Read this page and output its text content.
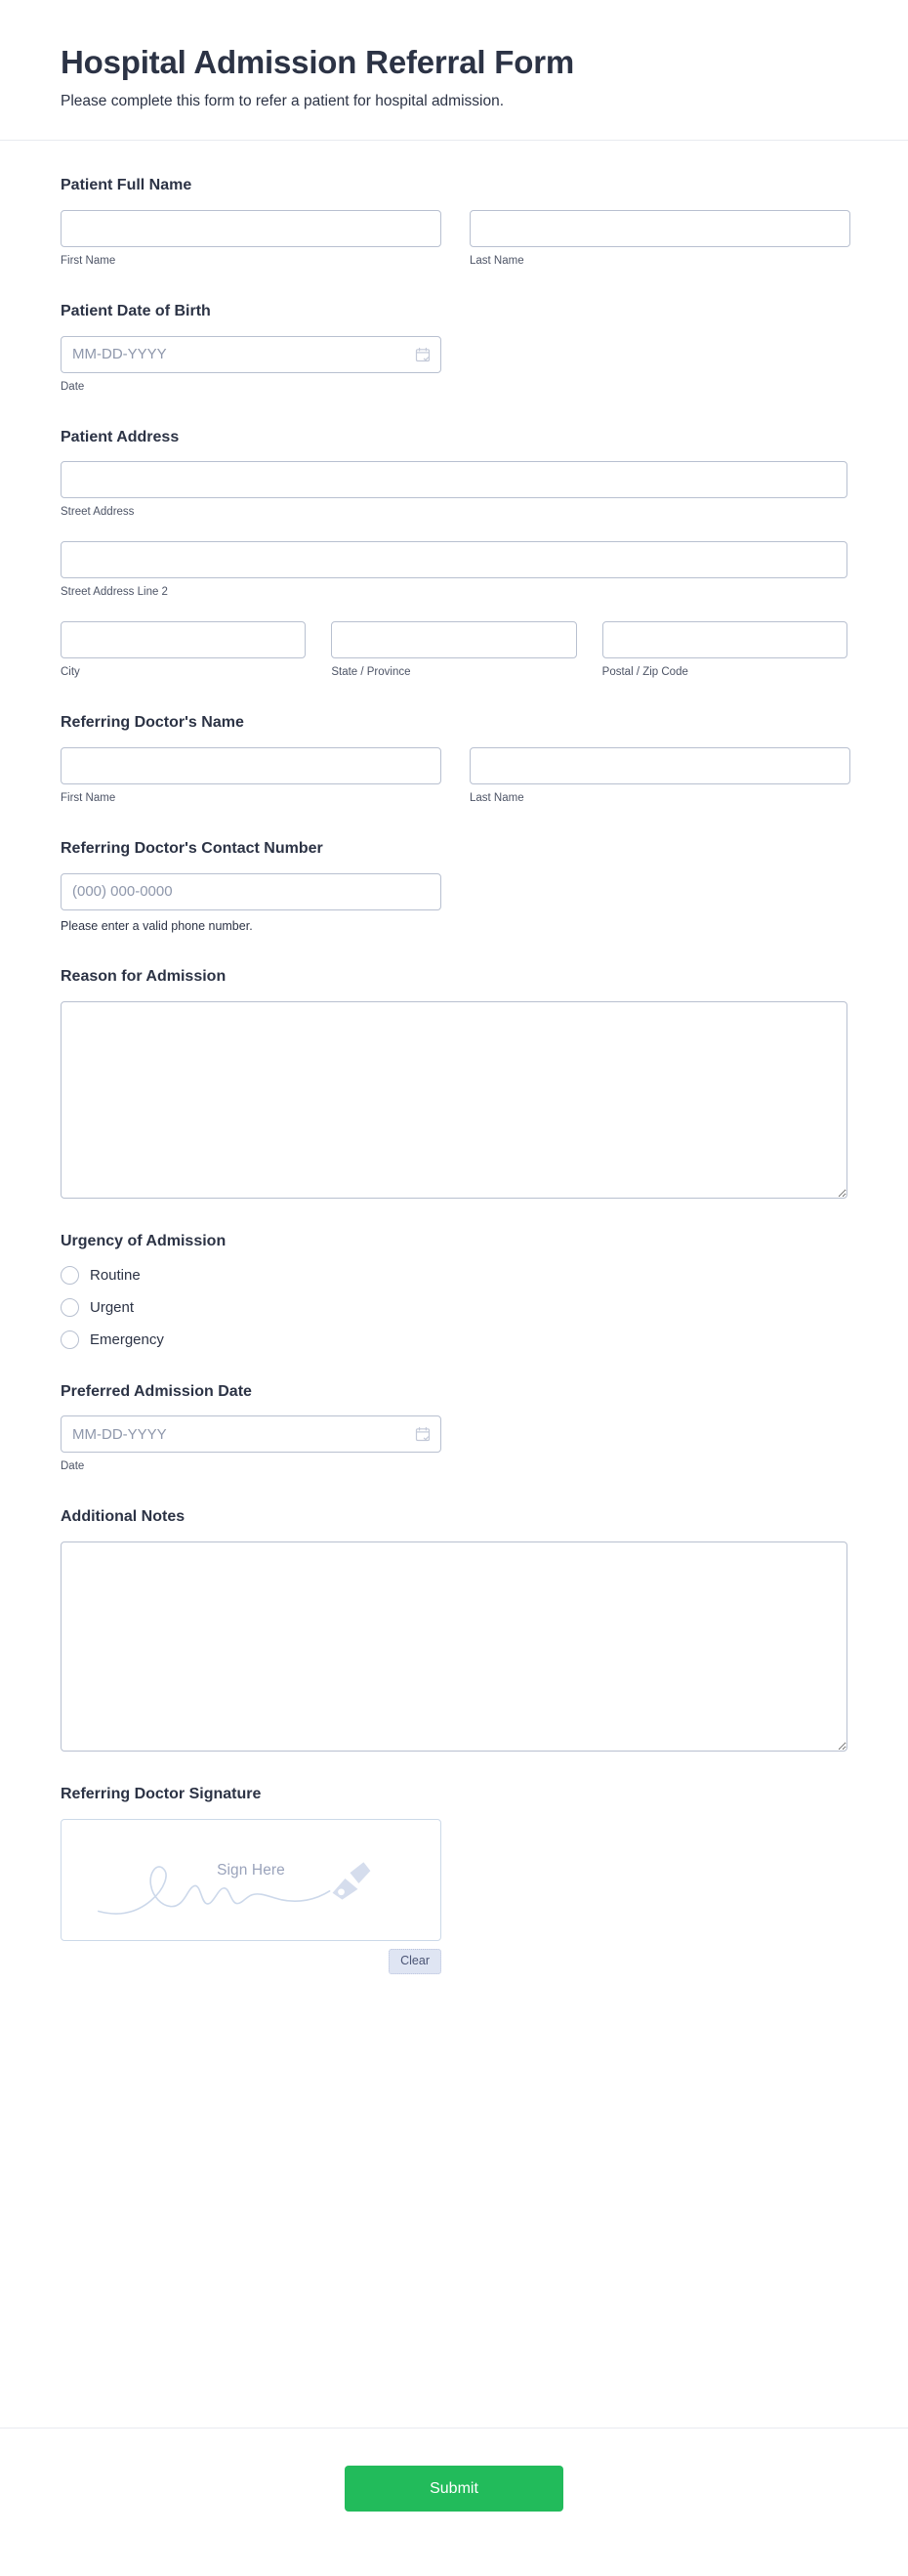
Hospital Admission Referral Form

Please complete this form to refer a patient for hospital admission.

Patient Full Name
First Name	Last Name
Patient Date of Birth
MM-DD-YYYY
Date
Patient Address
Street Address
Street Address Line 2
City	State / Province	Postal / Zip Code
Referring Doctor's Name
First Name	Last Name
Referring Doctor's Contact Number
(000) 000-0000
Please enter a valid phone number.
Reason for Admission
Urgency of Admission
Routine
Urgent
Emergency
Preferred Admission Date
MM-DD-YYYY
Date
Additional Notes
Referring Doctor Signature
Sign Here
Clear
Submit
